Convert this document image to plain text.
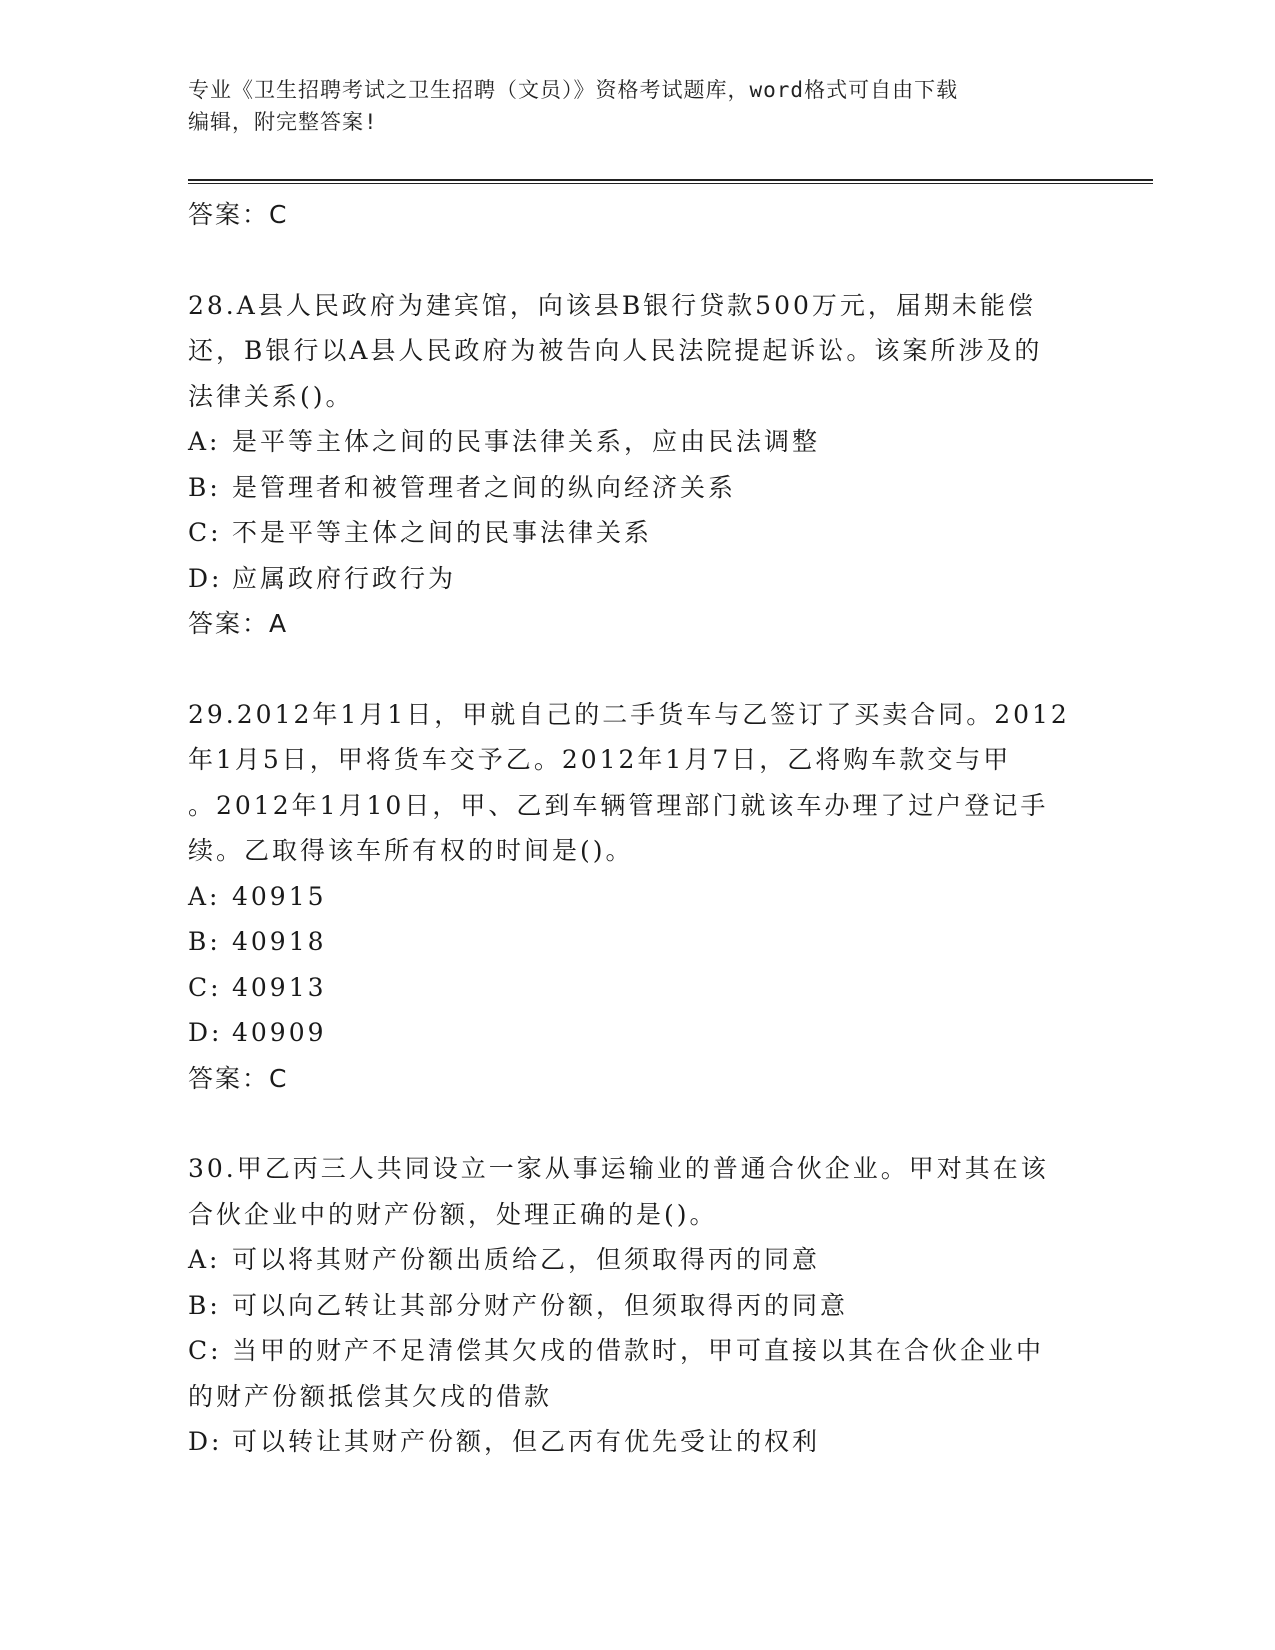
专业《卫生招聘考试之卫生招聘（文员）》资格考试题库，word格式可自由下载
编辑，附完整答案!
答案：C
28.A县人民政府为建宾馆，向该县B银行贷款500万元，届期未能偿
还，B银行以A县人民政府为被告向人民法院提起诉讼。该案所涉及的
法律关系()。
A: 是平等主体之间的民事法律关系，应由民法调整
B: 是管理者和被管理者之间的纵向经济关系
C: 不是平等主体之间的民事法律关系
D: 应属政府行政行为
答案：A
29.2012年1月1日，甲就自己的二手货车与乙签订了买卖合同。2012
年1月5日，甲将货车交予乙。2012年1月7日，乙将购车款交与甲
。2012年1月10日，甲、乙到车辆管理部门就该车办理了过户登记手
续。乙取得该车所有权的时间是()。
A: 40915
B: 40918
C: 40913
D: 40909
答案：C
30.甲乙丙三人共同设立一家从事运输业的普通合伙企业。甲对其在该
合伙企业中的财产份额，处理正确的是()。
A: 可以将其财产份额出质给乙，但须取得丙的同意
B: 可以向乙转让其部分财产份额，但须取得丙的同意
C: 当甲的财产不足清偿其欠戌的借款时，甲可直接以其在合伙企业中
的财产份额抵偿其欠戌的借款
D: 可以转让其财产份额，但乙丙有优先受让的权利
